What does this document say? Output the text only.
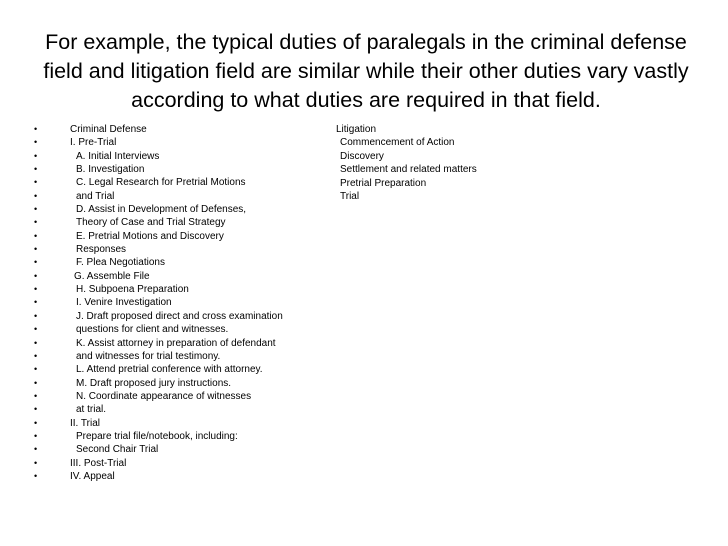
For example, the typical duties of paralegals in the criminal defense
field and litigation field are similar while their other duties vary vastly
according to what duties are required in that field.
•	Criminal Defense
•	I. Pre-Trial
•	A. Initial Interviews
•	B. Investigation
•	C. Legal Research for Pretrial Motions
•	and Trial
•	D. Assist in Development of Defenses,
•	Theory of Case and Trial Strategy
•	E. Pretrial Motions and Discovery
•	Responses
•	F. Plea Negotiations
•	G. Assemble File
•	H. Subpoena Preparation
•	I. Venire Investigation
•	J. Draft proposed direct and cross examination
•	questions for client and witnesses.
•	K. Assist attorney in preparation of defendant
•	and witnesses for trial testimony.
•	L. Attend pretrial conference with attorney.
•	M. Draft proposed jury instructions.
•	N. Coordinate appearance of witnesses
•	at trial.
•	II. Trial
•	Prepare trial file/notebook, including:
•	Second Chair Trial
•	III. Post-Trial
•	IV. Appeal
Litigation
Commencement of Action
Discovery
Settlement and related matters
Pretrial Preparation
Trial
